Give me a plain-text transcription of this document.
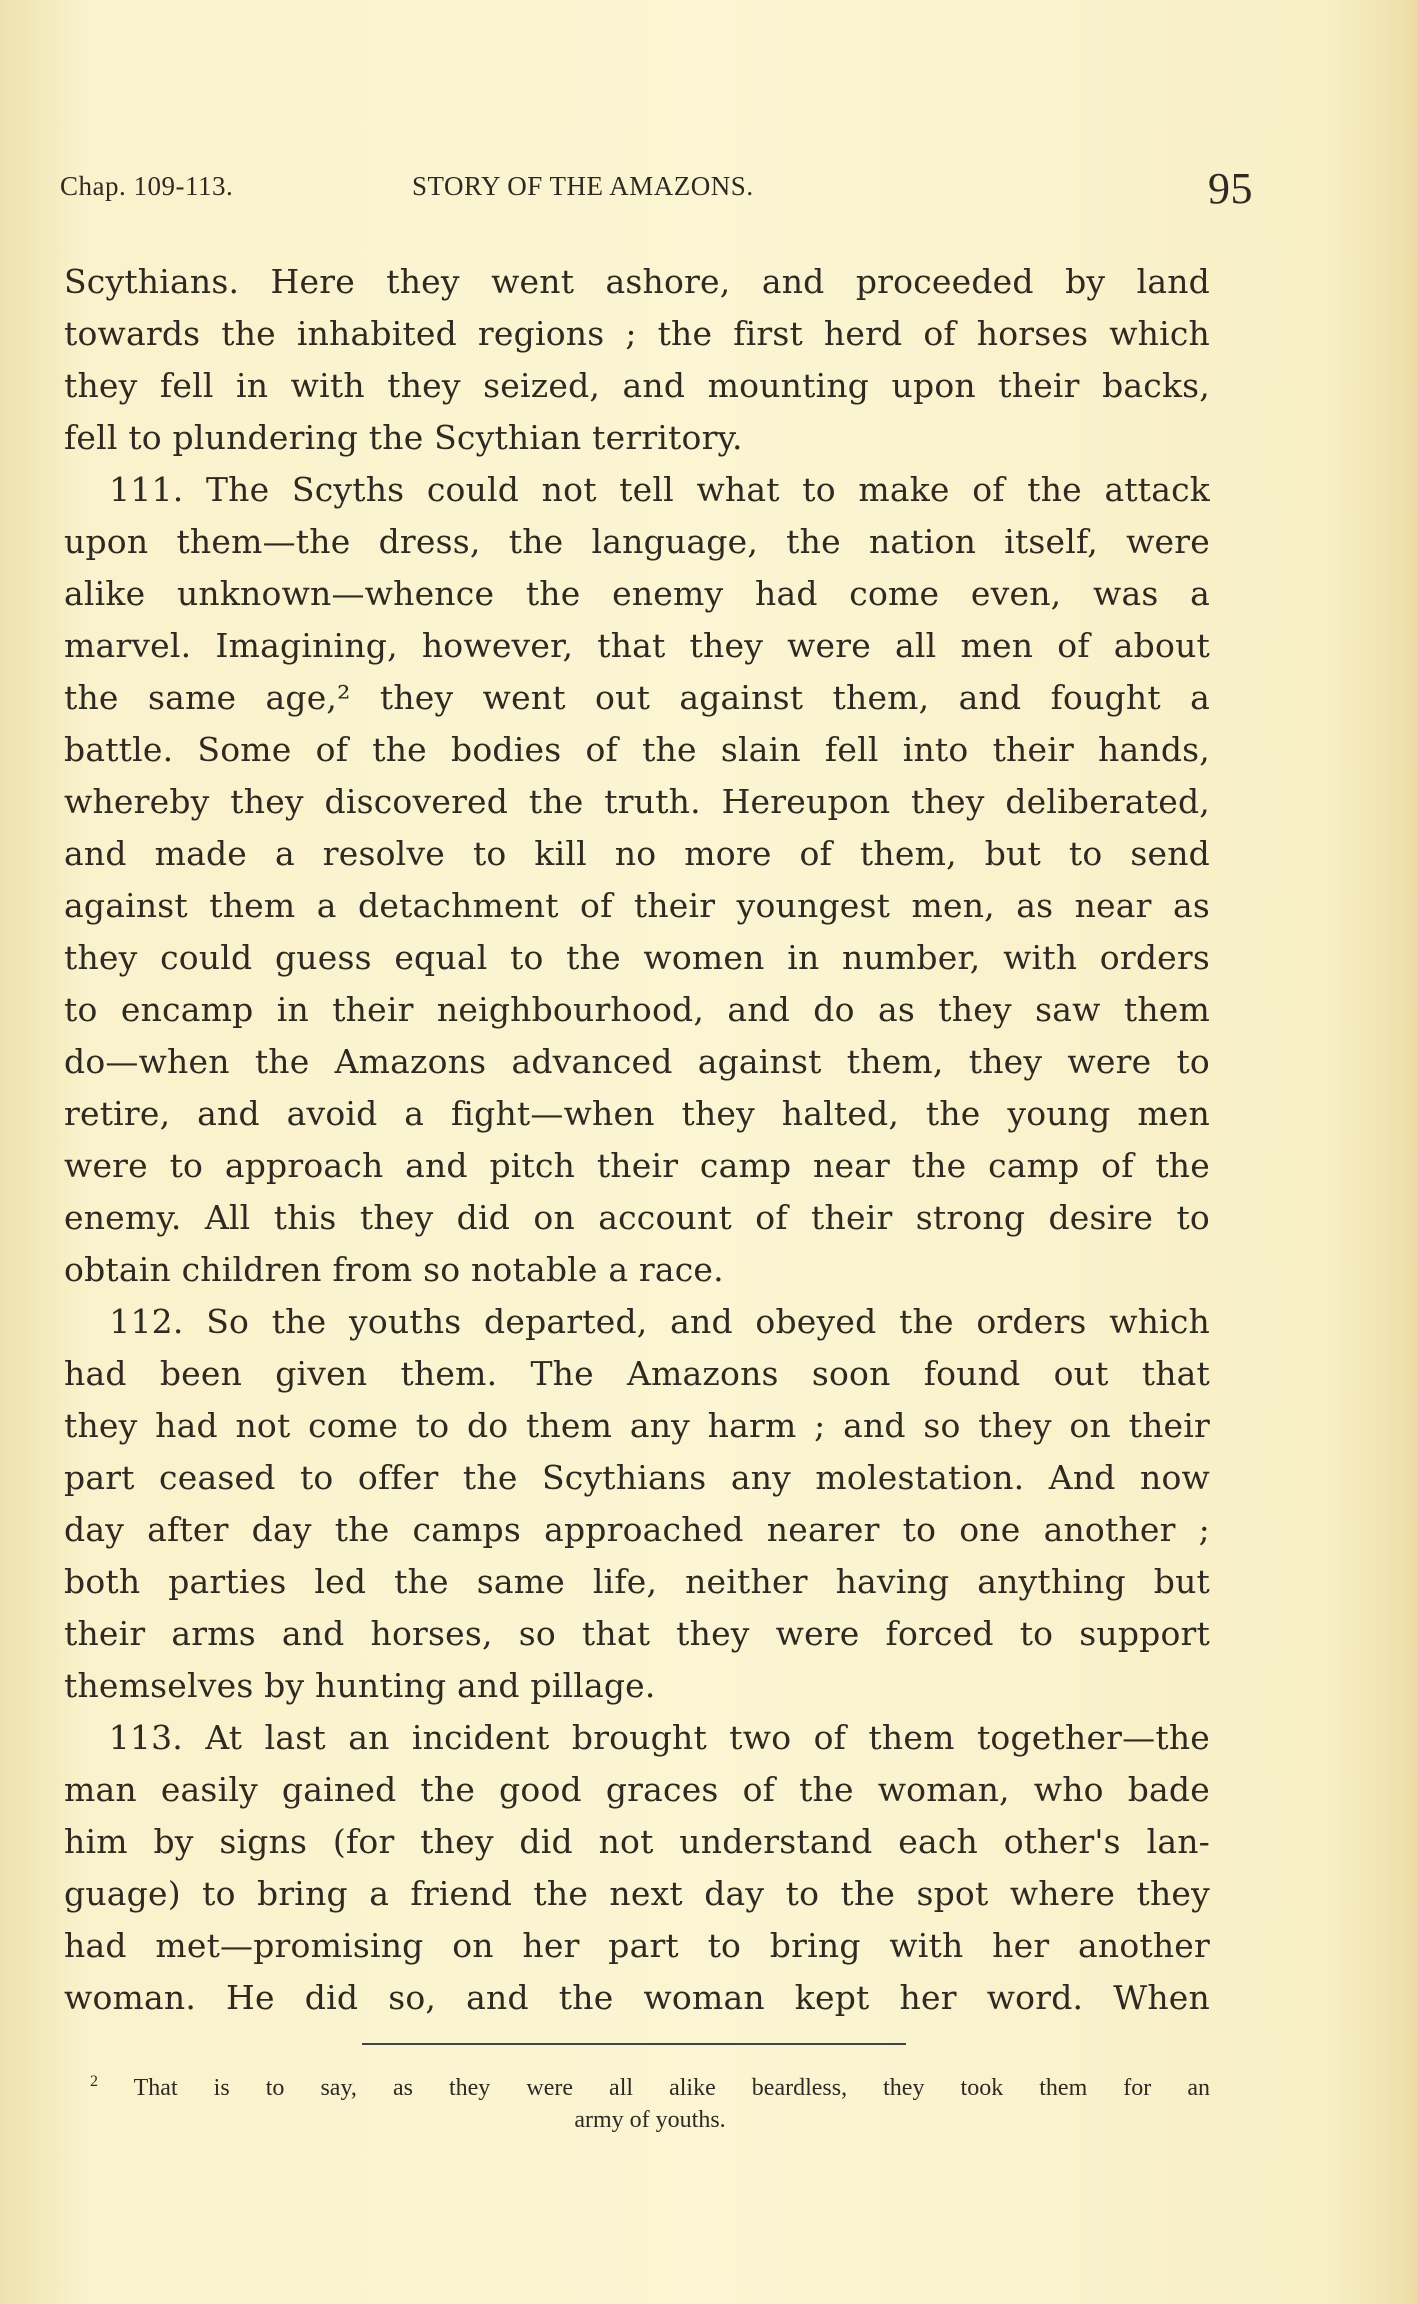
Chap. 109-113.	STORY OF THE AMAZONS.	95
Scythians. Here they went ashore, and proceeded by land
towards the inhabited regions ; the first herd of horses which
they fell in with they seized, and mounting upon their backs,
fell to plundering the Scythian territory.
111. The Scyths could not tell what to make of the attack
upon them—the dress, the language, the nation itself, were
alike unknown—whence the enemy had come even, was a
marvel. Imagining, however, that they were all men of about
the same age,² they went out against them, and fought a
battle. Some of the bodies of the slain fell into their hands,
whereby they discovered the truth. Hereupon they deliberated,
and made a resolve to kill no more of them, but to send
against them a detachment of their youngest men, as near as
they could guess equal to the women in number, with orders
to encamp in their neighbourhood, and do as they saw them
do—when the Amazons advanced against them, they were to
retire, and avoid a fight—when they halted, the young men
were to approach and pitch their camp near the camp of the
enemy. All this they did on account of their strong desire to
obtain children from so notable a race.
112. So the youths departed, and obeyed the orders which
had been given them. The Amazons soon found out that
they had not come to do them any harm ; and so they on their
part ceased to offer the Scythians any molestation. And now
day after day the camps approached nearer to one another ;
both parties led the same life, neither having anything but
their arms and horses, so that they were forced to support
themselves by hunting and pillage.
113. At last an incident brought two of them together—the
man easily gained the good graces of the woman, who bade
him by signs (for they did not understand each other's lan-
guage) to bring a friend the next day to the spot where they
had met—promising on her part to bring with her another
woman. He did so, and the woman kept her word. When
$^2$ That is to say, as they were all alike beardless, they took them for an
army of youths.
